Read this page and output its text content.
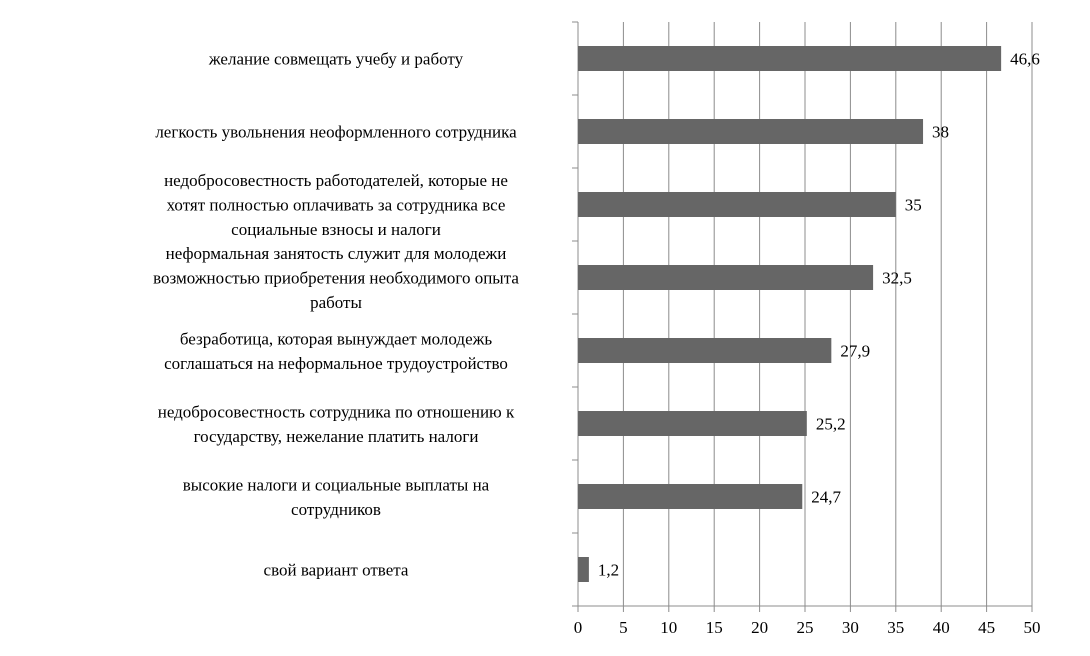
желание совмещать учебу и работу
легкость увольнения неоформленного сотрудника
недобросовестность работодателей, которые не хотят полностью оплачивать за сотрудника все социальные взносы и налоги
неформальная занятость служит для молодежи возможностью приобретения необходимого опыта работы
безработица, которая вынуждает молодежь соглашаться на неформальное трудоустройство
недобросовестность сотрудника по отношению к государству, нежелание платить налоги
высокие налоги и социальные выплаты на сотрудников
свой вариант ответа
46,6
38
35
32,5
27,9
25,2
24,7
1,2
0 5 10 15 20 25 30 35 40 45 50
